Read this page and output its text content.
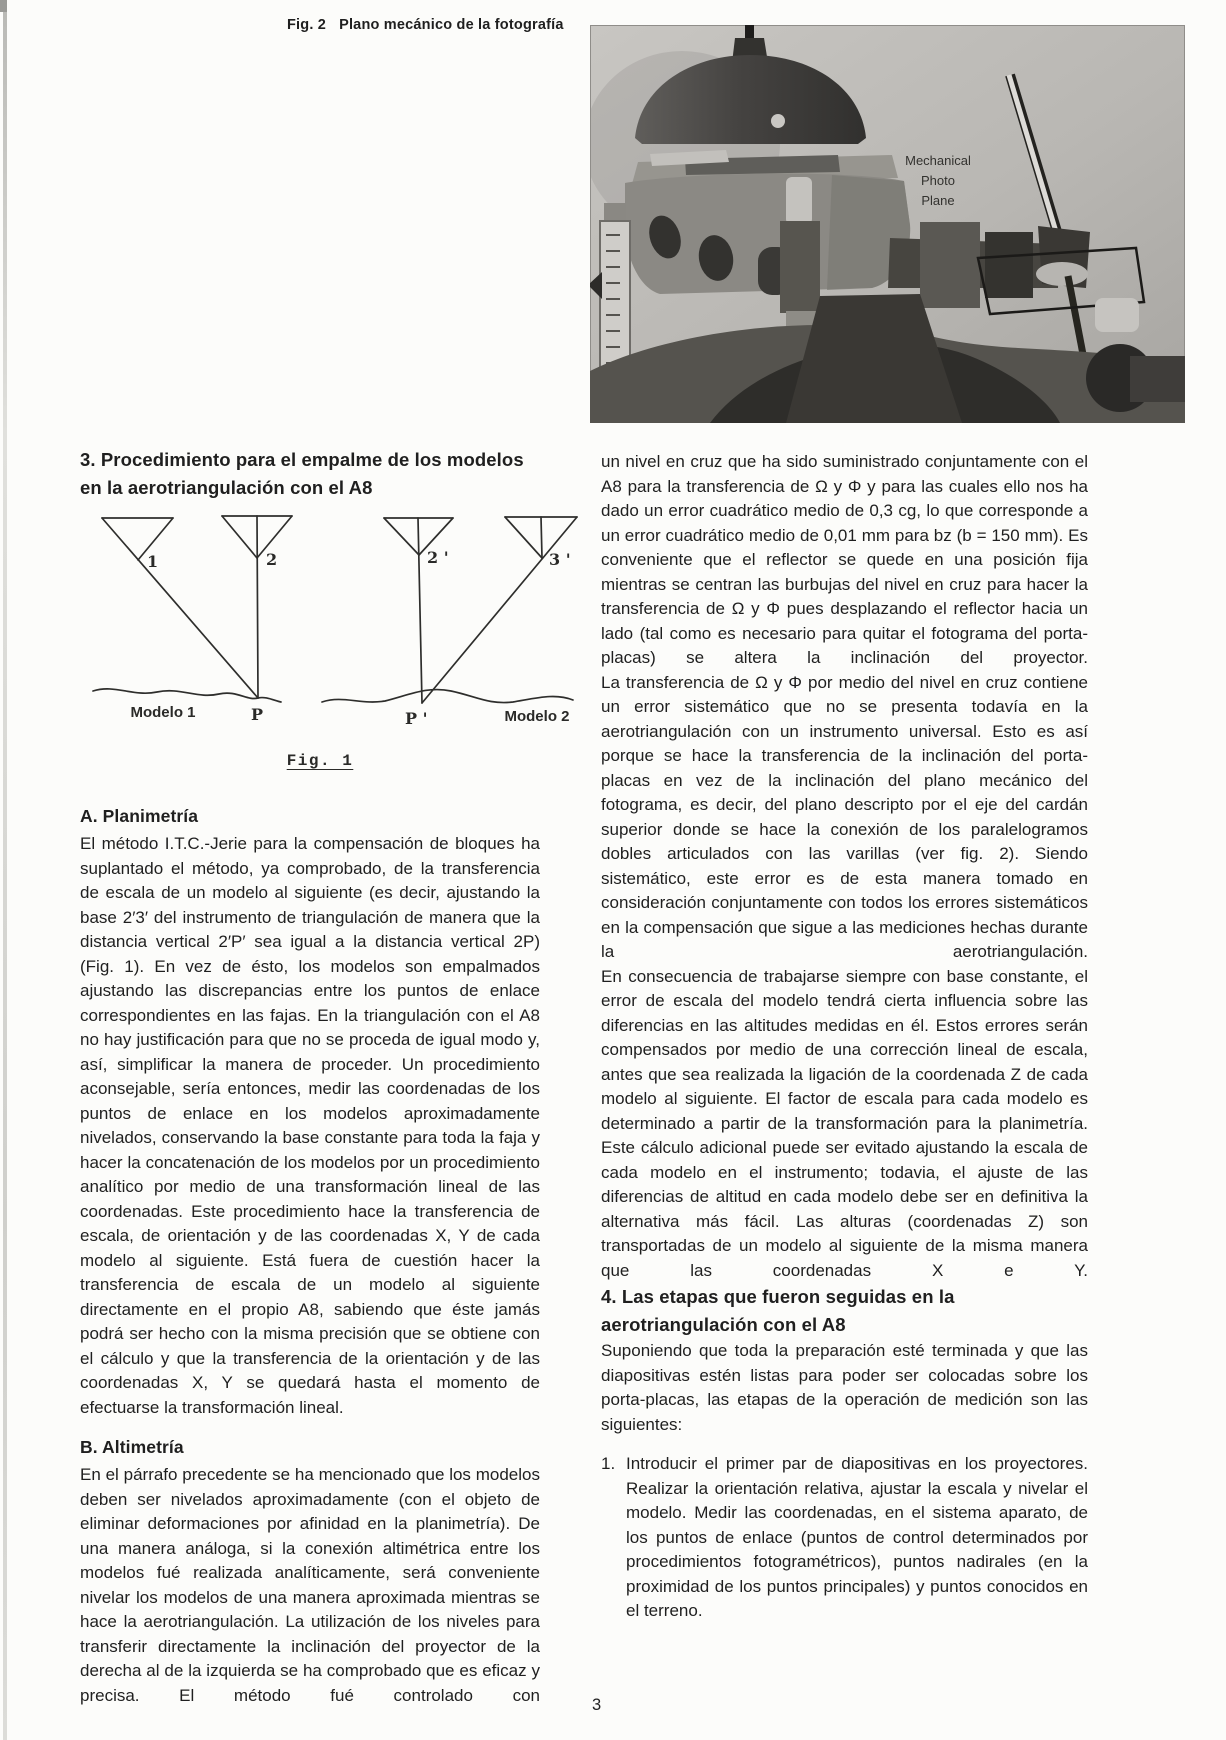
Fig. 2 Plano mecánico de la fotografía
Mechanical
Photo
Plane
3. Procedimiento para el empalme de los modelos en la aerotriangulación con el A8
1	2	2 '	3 '
P	P '
Modelo 1	Modelo 2
Fig. 1
A. Planimetría

El método I.T.C.-Jerie para la compensación de bloques ha suplantado el método, ya comprobado, de la transferencia de escala de un modelo al siguiente (es decir, ajustando la base 2′3′ del instrumento de triangulación de manera que la distancia vertical 2′P′ sea igual a la distancia vertical 2P) (Fig. 1). En vez de ésto, los modelos son empalmados ajustando las discrepancias entre los puntos de enlace correspondientes en las fajas. En la triangulación con el A8 no hay justificación para que no se proceda de igual modo y, así, simplificar la manera de proceder. Un procedimiento aconsejable, sería entonces, medir las coordenadas de los puntos de enlace en los modelos aproximadamente nivelados, conservando la base constante para toda la faja y hacer la concatenación de los modelos por un procedimiento analítico por medio de una transformación lineal de las coordenadas. Este procedimiento hace la transferencia de escala, de orientación y de las coordenadas X, Y de cada modelo al siguiente. Está fuera de cuestión hacer la transferencia de escala de un modelo al siguiente directamente en el propio A8, sabiendo que éste jamás podrá ser hecho con la misma precisión que se obtiene con el cálculo y que la transferencia de la orientación y de las coordenadas X, Y se quedará hasta el momento de efectuarse la transformación lineal.

B. Altimetría

En el párrafo precedente se ha mencionado que los modelos deben ser nivelados aproximadamente (con el objeto de eliminar deformaciones por afinidad en la planimetría). De una manera análoga, si la conexión altimétrica entre los modelos fué realizada analíticamente, será conveniente nivelar los modelos de una manera aproximada mientras se hace la aerotriangulación. La utilización de los niveles para transferir directamente la inclinación del proyector de la derecha al de la izquierda se ha comprobado que es eficaz y precisa. El método fué controlado con

un nivel en cruz que ha sido suministrado conjuntamente con el A8 para la transferencia de Ω y Φ y para las cuales ello nos ha dado un error cuadrático medio de 0,3 cg, lo que corresponde a un error cuadrático medio de 0,01 mm para bz (b = 150 mm). Es conveniente que el reflector se quede en una posición fija mientras se centran las burbujas del nivel en cruz para hacer la transferencia de Ω y Φ pues desplazando el reflector hacia un lado (tal como es necesario para quitar el fotograma del porta-placas) se altera la inclinación del proyector.

La transferencia de Ω y Φ por medio del nivel en cruz contiene un error sistemático que no se presenta todavía en la aerotriangulación con un instrumento universal. Esto es así porque se hace la transferencia de la inclinación del porta-placas en vez de la inclinación del plano mecánico del fotograma, es decir, del plano descripto por el eje del cardán superior donde se hace la conexión de los paralelogramos dobles articulados con las varillas (ver fig. 2). Siendo sistemático, este error es de esta manera tomado en consideración conjuntamente con todos los errores sistemáticos en la compensación que sigue a las mediciones hechas durante la aerotriangulación.

En consecuencia de trabajarse siempre con base constante, el error de escala del modelo tendrá cierta influencia sobre las diferencias en las altitudes medidas en él. Estos errores serán compensados por medio de una corrección lineal de escala, antes que sea realizada la ligación de la coordenada Z de cada modelo al siguiente. El factor de escala para cada modelo es determinado a partir de la transformación para la planimetría. Este cálculo adicional puede ser evitado ajustando la escala de cada modelo en el instrumento; todavia, el ajuste de las diferencias de altitud en cada modelo debe ser en definitiva la alternativa más fácil. Las alturas (coordenadas Z) son transportadas de un modelo al siguiente de la misma manera que las coordenadas X e Y.

4. Las etapas que fueron seguidas en la aerotriangulación con el A8

Suponiendo que toda la preparación esté terminada y que las diapositivas estén listas para poder ser colocadas sobre los porta-placas, las etapas de la operación de medición son las siguientes:

1. Introducir el primer par de diapositivas en los proyectores. Realizar la orientación relativa, ajustar la escala y nivelar el modelo. Medir las coordenadas, en el sistema aparato, de los puntos de enlace (puntos de control determinados por procedimientos fotogramétricos), puntos nadirales (en la proximidad de los puntos principales) y puntos conocidos en el terreno.
3
